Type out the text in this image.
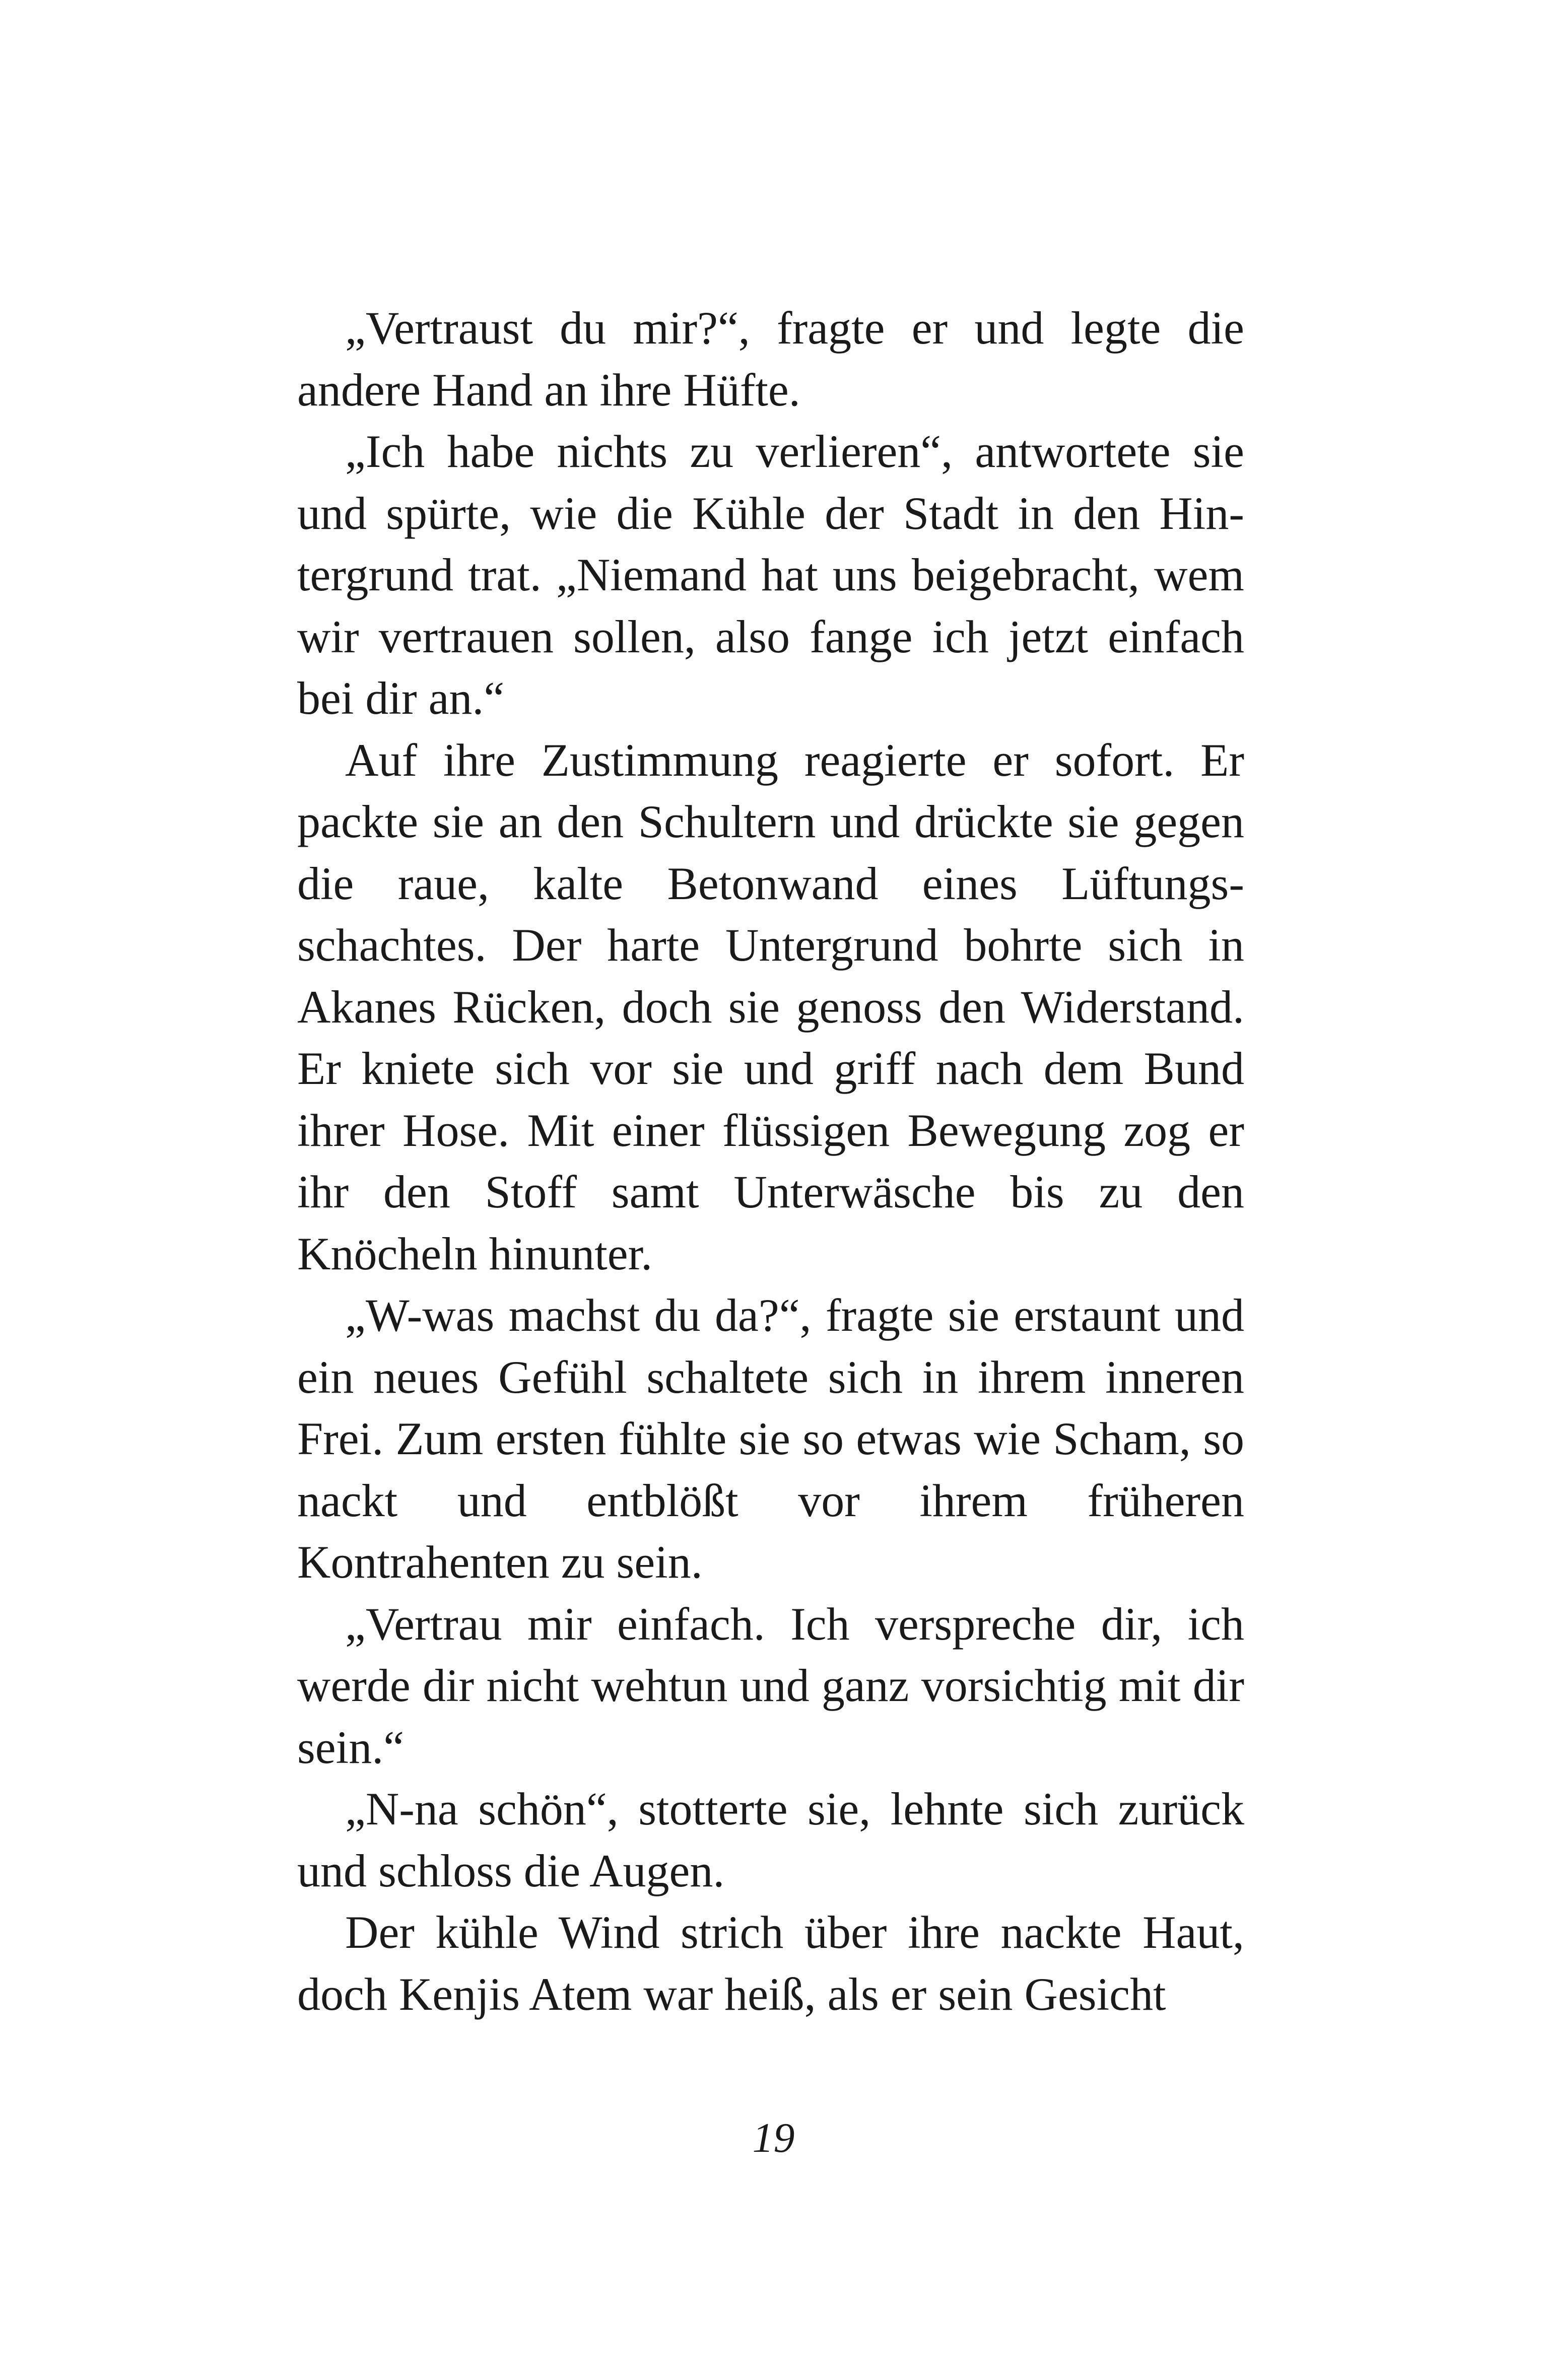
„Vertraust du mir?“, fragte er und legte die andere Hand an ihre Hüfte.

„Ich habe nichts zu verlieren“, antwortete sie und spürte, wie die Kühle der Stadt in den Hintergrund trat. „Niemand hat uns beigebracht, wem wir vertrauen sollen, also fange ich jetzt einfach bei dir an.“

Auf ihre Zustimmung reagierte er sofort. Er packte sie an den Schultern und drückte sie gegen die raue, kalte Betonwand eines Lüftungsschachtes. Der harte Untergrund bohrte sich in Akanes Rücken, doch sie genoss den Widerstand. Er kniete sich vor sie und griff nach dem Bund ihrer Hose. Mit einer flüssigen Bewegung zog er ihr den Stoff samt Unterwäsche bis zu den Knöcheln hinunter.

„W-was machst du da?“, fragte sie erstaunt und ein neues Gefühl schaltete sich in ihrem inneren Frei. Zum ersten fühlte sie so etwas wie Scham, so nackt und entblößt vor ihrem früheren Kontrahenten zu sein.

„Vertrau mir einfach. Ich verspreche dir, ich werde dir nicht wehtun und ganz vorsichtig mit dir sein.“

„N-na schön“, stotterte sie, lehnte sich zurück und schloss die Augen.

Der kühle Wind strich über ihre nackte Haut, doch Kenjis Atem war heiß, als er sein Gesicht

19
